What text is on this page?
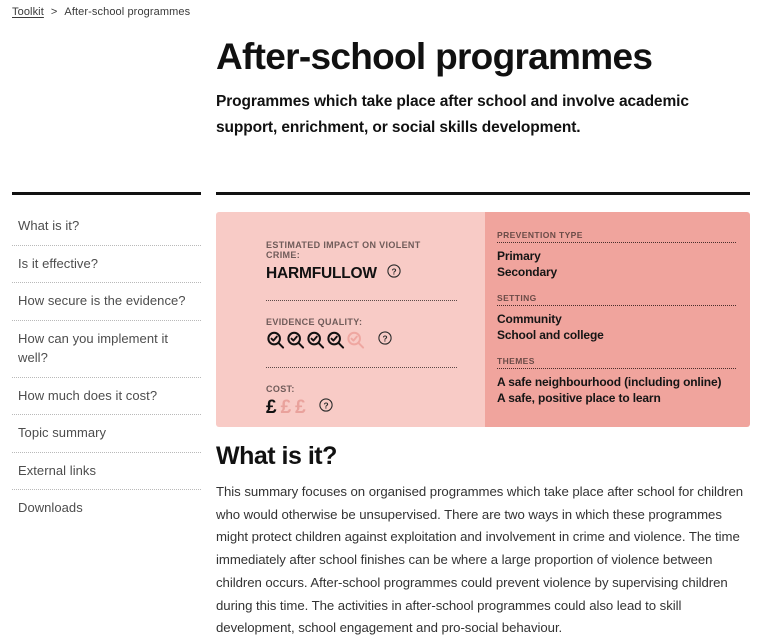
Toolkit > After-school programmes
After-school programmes

Programmes which take place after school and involve academic support, enrichment, or social skills development.

What is it?
Is it effective?
How secure is the evidence?
How can you implement it well?
How much does it cost?
Topic summary
External links
Downloads
ESTIMATED IMPACT ON VIOLENT CRIME:
HARMFULLOW ?
EVIDENCE QUALITY:
?
COST:
£ £ £ ?
PREVENTION TYPE
Primary
Secondary
SETTING
Community
School and college
THEMES
A safe neighbourhood (including online)
A safe, positive place to learn
What is it?

This summary focuses on organised programmes which take place after school for children who would otherwise be unsupervised. There are two ways in which these programmes might protect children against exploitation and involvement in crime and violence. The time immediately after school finishes can be where a large proportion of violence between children occurs. After-school programmes could prevent violence by supervising children during this time. The activities in after-school programmes could also lead to skill development, school engagement and pro-social behaviour.
